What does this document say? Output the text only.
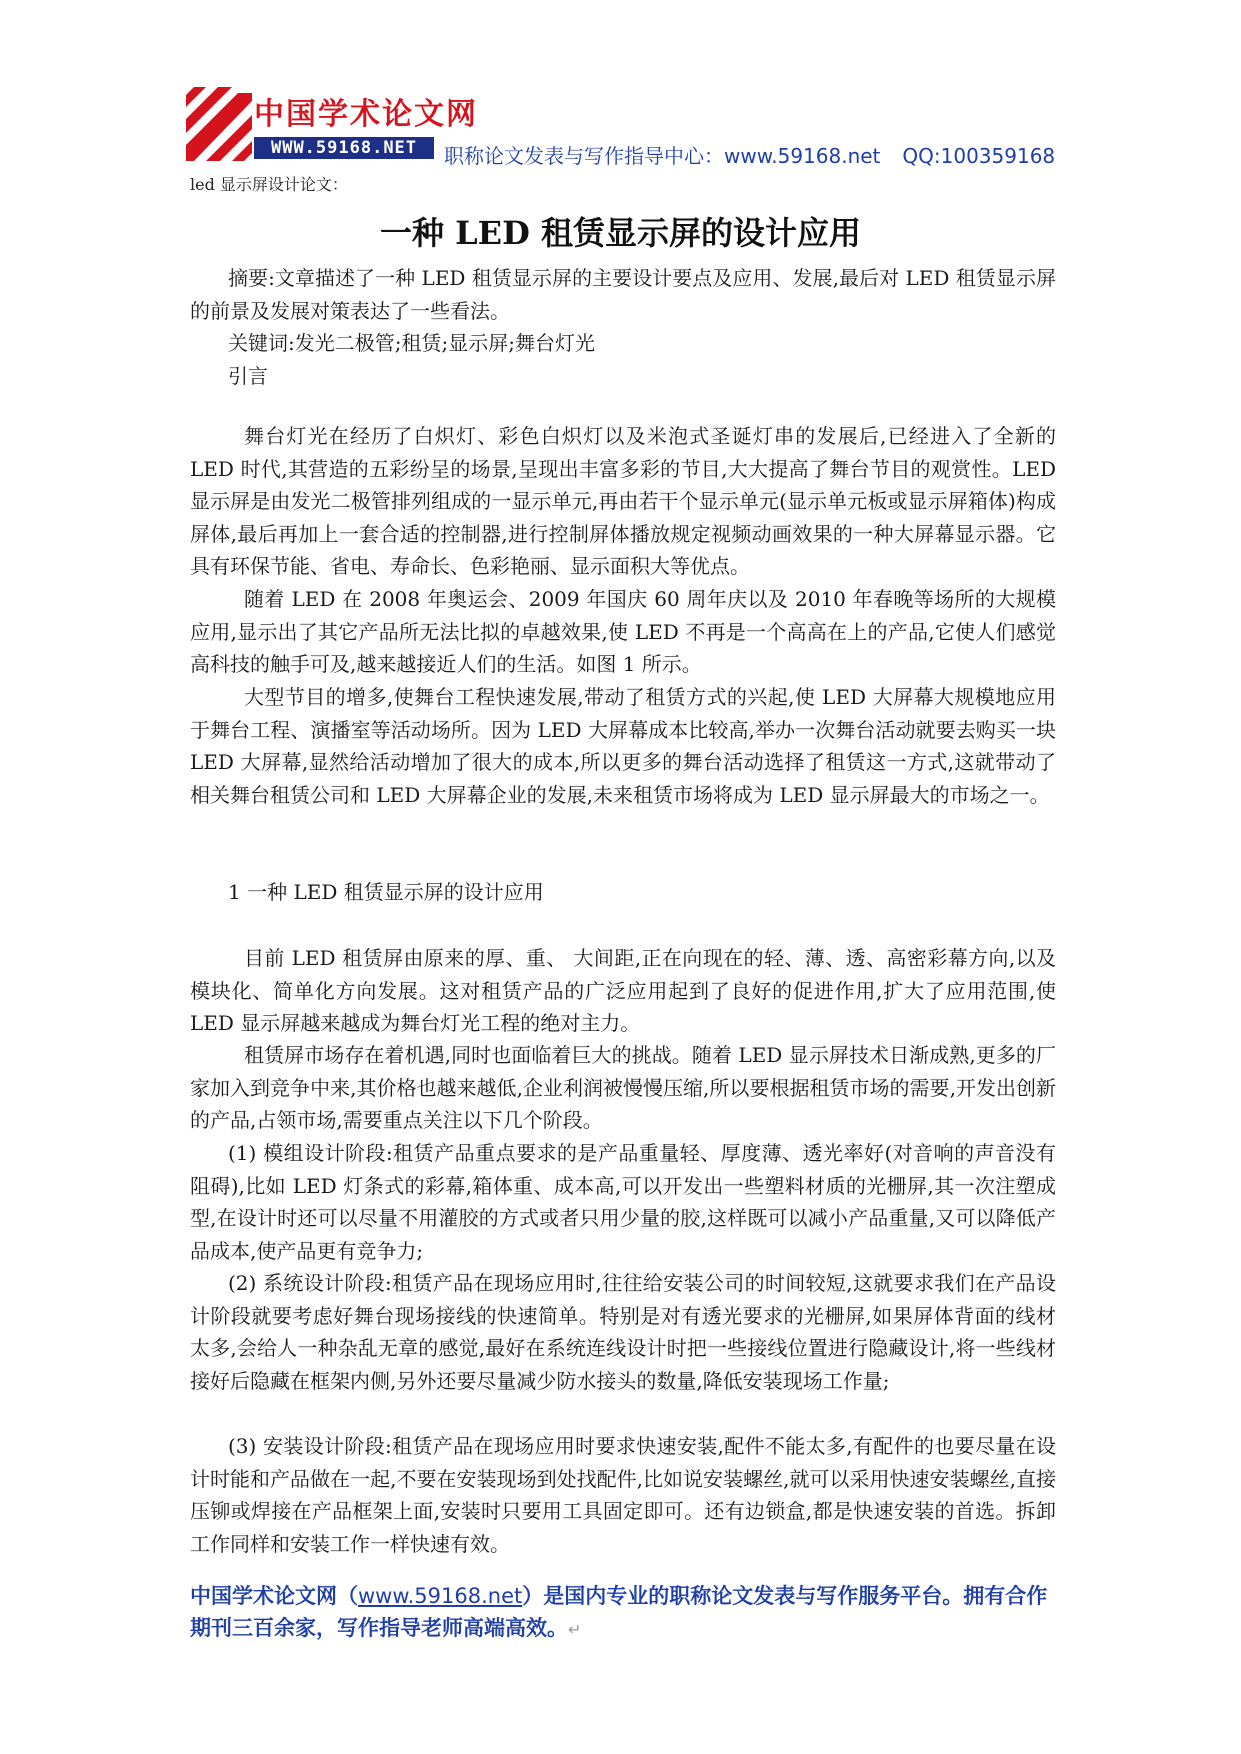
中国学术论文网
WWW.59168.NET	职称论文发表与写作指导中心：www.59168.net QQ:100359168
led 显示屏设计论文：
一种 LED 租赁显示屏的设计应用

摘要:文章描述了一种 LED 租赁显示屏的主要设计要点及应用、发展,最后对 LED 租赁显示屏的前景及发展对策表达了一些看法。

关键词:发光二极管;租赁;显示屏;舞台灯光

引言

舞台灯光在经历了白炽灯、彩色白炽灯以及米泡式圣诞灯串的发展后,已经进入了全新的 LED 时代,其营造的五彩纷呈的场景,呈现出丰富多彩的节目,大大提高了舞台节目的观赏性。LED 显示屏是由发光二极管排列组成的一显示单元,再由若干个显示单元(显示单元板或显示屏箱体)构成屏体,最后再加上一套合适的控制器,进行控制屏体播放规定视频动画效果的一种大屏幕显示器。它具有环保节能、省电、寿命长、色彩艳丽、显示面积大等优点。

随着 LED 在 2008 年奥运会、2009 年国庆 60 周年庆以及 2010 年春晚等场所的大规模应用,显示出了其它产品所无法比拟的卓越效果,使 LED 不再是一个高高在上的产品,它使人们感觉高科技的触手可及,越来越接近人们的生活。如图 1 所示。

大型节目的增多,使舞台工程快速发展,带动了租赁方式的兴起,使 LED 大屏幕大规模地应用于舞台工程、演播室等活动场所。因为 LED 大屏幕成本比较高,举办一次舞台活动就要去购买一块 LED 大屏幕,显然给活动增加了很大的成本,所以更多的舞台活动选择了租赁这一方式,这就带动了相关舞台租赁公司和 LED 大屏幕企业的发展,未来租赁市场将成为 LED 显示屏最大的市场之一。

1 一种 LED 租赁显示屏的设计应用

目前 LED 租赁屏由原来的厚、重、 大间距,正在向现在的轻、薄、透、高密彩幕方向,以及模块化、简单化方向发展。这对租赁产品的广泛应用起到了良好的促进作用,扩大了应用范围,使 LED 显示屏越来越成为舞台灯光工程的绝对主力。

租赁屏市场存在着机遇,同时也面临着巨大的挑战。随着 LED 显示屏技术日渐成熟,更多的厂家加入到竞争中来,其价格也越来越低,企业利润被慢慢压缩,所以要根据租赁市场的需要,开发出创新的产品,占领市场,需要重点关注以下几个阶段。

(1) 模组设计阶段:租赁产品重点要求的是产品重量轻、厚度薄、透光率好(对音响的声音没有阻碍),比如 LED 灯条式的彩幕,箱体重、成本高,可以开发出一些塑料材质的光栅屏,其一次注塑成型,在设计时还可以尽量不用灌胶的方式或者只用少量的胶,这样既可以减小产品重量,又可以降低产品成本,使产品更有竞争力;

(2) 系统设计阶段:租赁产品在现场应用时,往往给安装公司的时间较短,这就要求我们在产品设计阶段就要考虑好舞台现场接线的快速简单。特别是对有透光要求的光栅屏,如果屏体背面的线材太多,会给人一种杂乱无章的感觉,最好在系统连线设计时把一些接线位置进行隐藏设计,将一些线材接好后隐藏在框架内侧,另外还要尽量减少防水接头的数量,降低安装现场工作量;

(3) 安装设计阶段:租赁产品在现场应用时要求快速安装,配件不能太多,有配件的也要尽量在设计时能和产品做在一起,不要在安装现场到处找配件,比如说安装螺丝,就可以采用快速安装螺丝,直接压铆或焊接在产品框架上面,安装时只要用工具固定即可。还有边锁盒,都是快速安装的首选。拆卸工作同样和安装工作一样快速有效。

中国学术论文网（www.59168.net）是国内专业的职称论文发表与写作服务平台。拥有合作期刊三百余家，写作指导老师高端高效。↵
